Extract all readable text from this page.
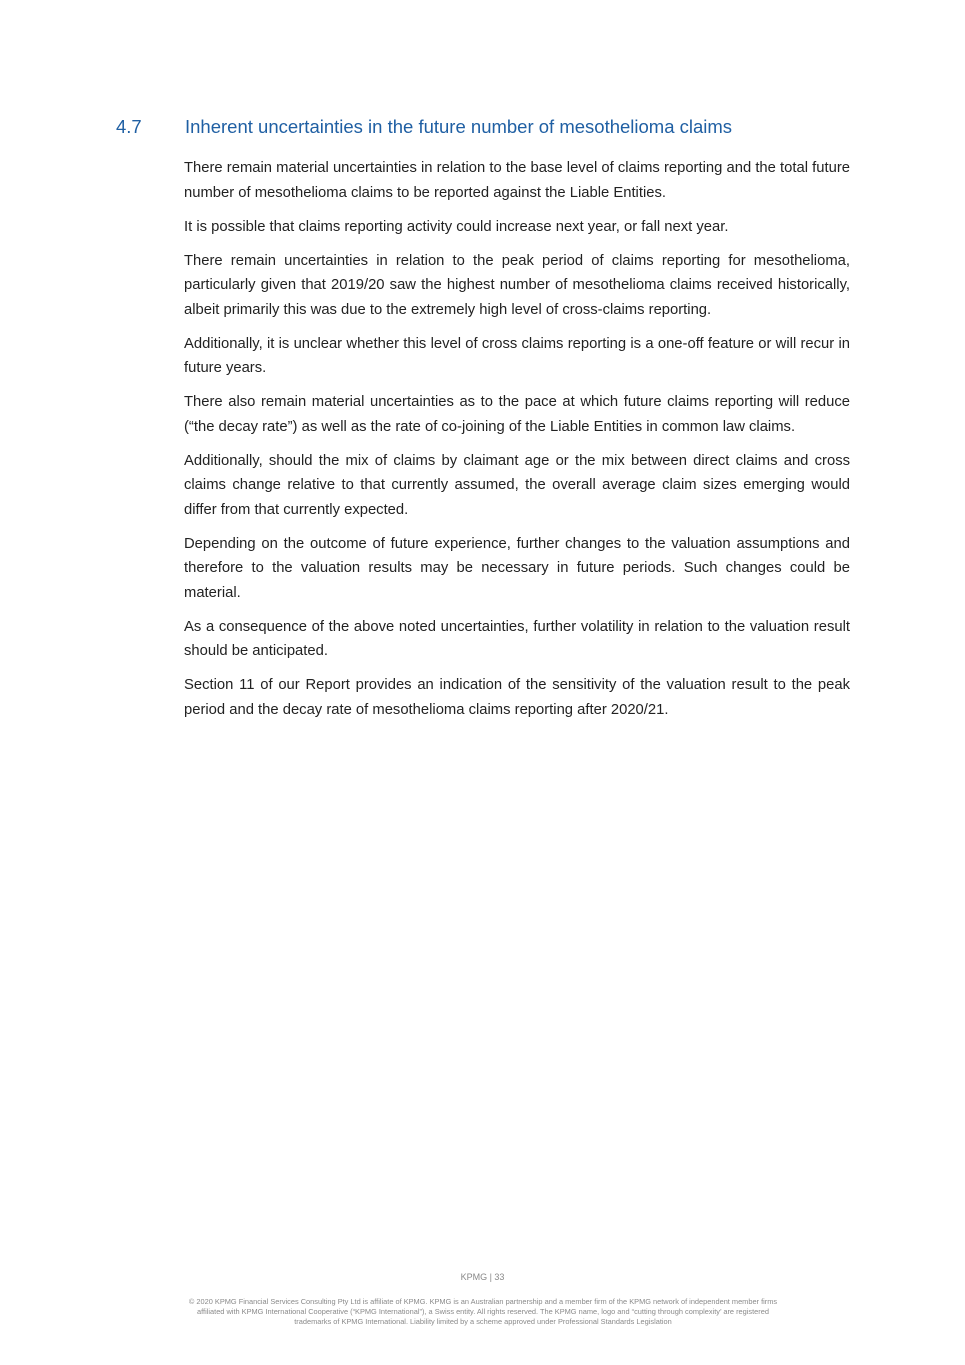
4.7 Inherent uncertainties in the future number of mesothelioma claims

There remain material uncertainties in relation to the base level of claims reporting and the total future number of mesothelioma claims to be reported against the Liable Entities.

It is possible that claims reporting activity could increase next year, or fall next year.

There remain uncertainties in relation to the peak period of claims reporting for mesothelioma, particularly given that 2019/20 saw the highest number of mesothelioma claims received historically, albeit primarily this was due to the extremely high level of cross-claims reporting.

Additionally, it is unclear whether this level of cross claims reporting is a one-off feature or will recur in future years.

There also remain material uncertainties as to the pace at which future claims reporting will reduce (“the decay rate”) as well as the rate of co-joining of the Liable Entities in common law claims.

Additionally, should the mix of claims by claimant age or the mix between direct claims and cross claims change relative to that currently assumed, the overall average claim sizes emerging would differ from that currently expected.

Depending on the outcome of future experience, further changes to the valuation assumptions and therefore to the valuation results may be necessary in future periods. Such changes could be material.

As a consequence of the above noted uncertainties, further volatility in relation to the valuation result should be anticipated.

Section 11 of our Report provides an indication of the sensitivity of the valuation result to the peak period and the decay rate of mesothelioma claims reporting after 2020/21.

KPMG | 33
© 2020 KPMG Financial Services Consulting Pty Ltd is affiliate of KPMG. KPMG is an Australian partnership and a member firm of the KPMG network of independent member firms
affiliated with KPMG International Cooperative (“KPMG International”), a Swiss entity. All rights reserved. The KPMG name, logo and “cutting through complexity’ are registered
trademarks of KPMG International. Liability limited by a scheme approved under Professional Standards Legislation
